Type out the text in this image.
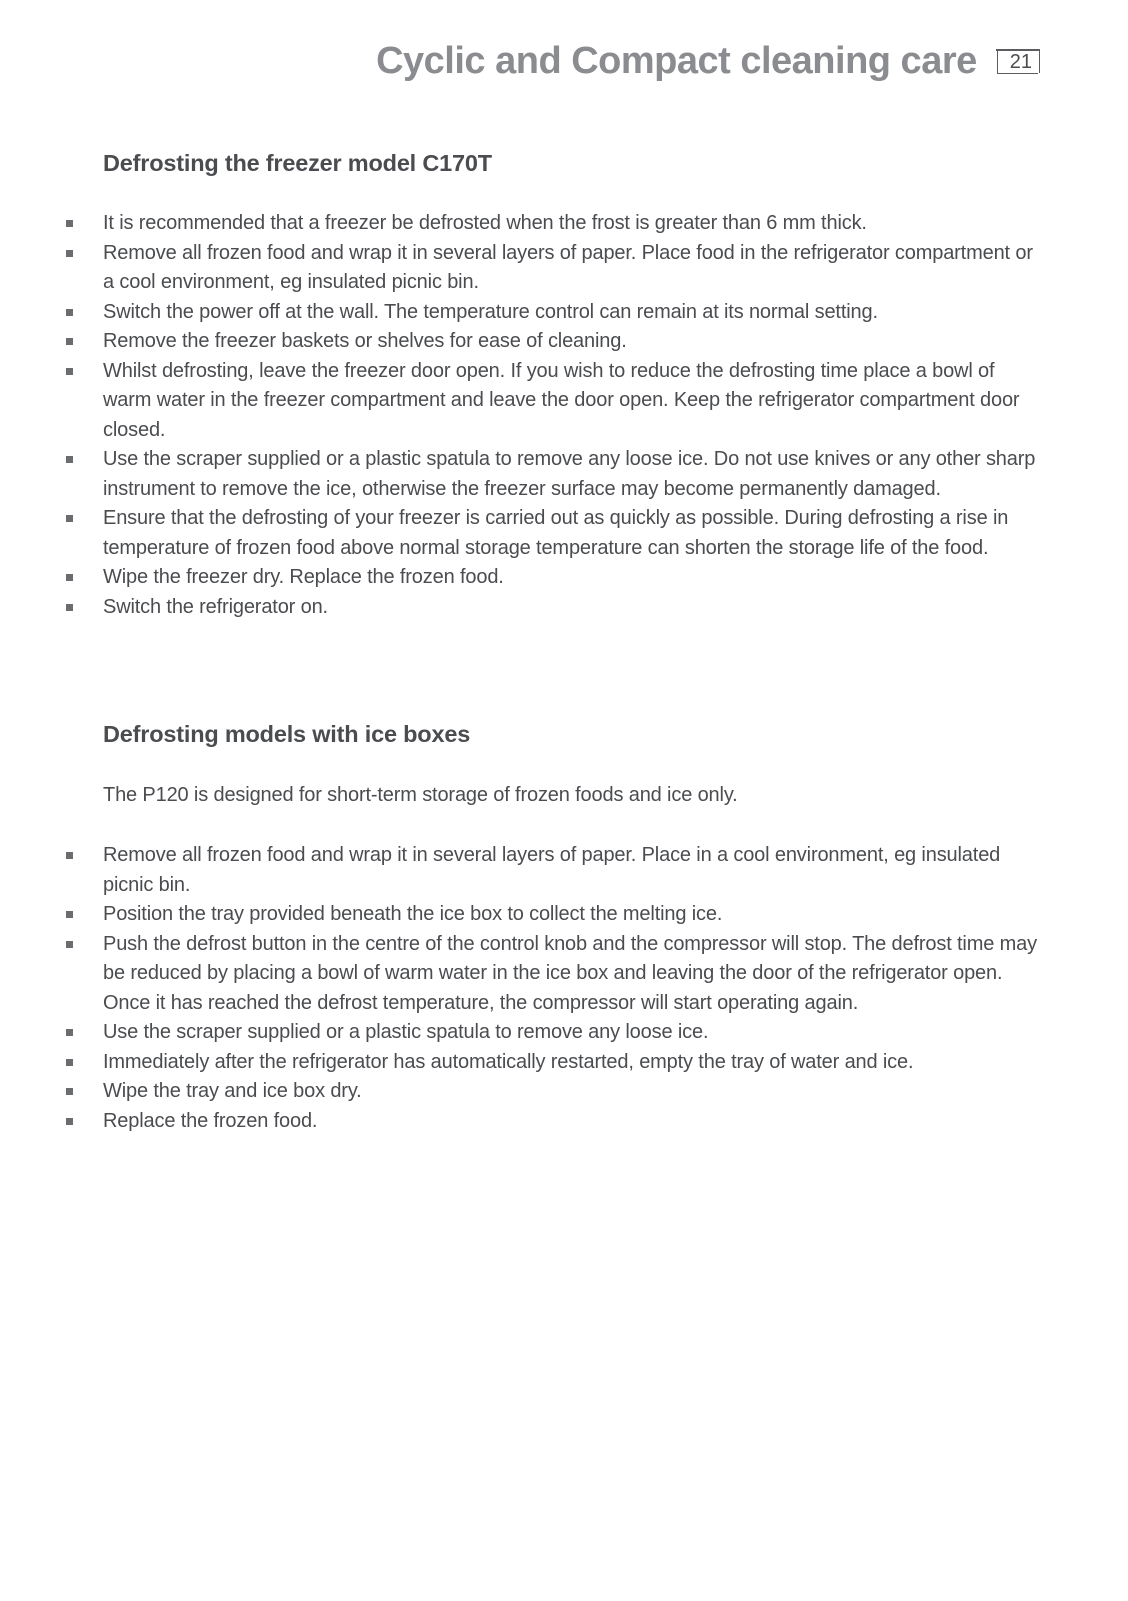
Cyclic and Compact cleaning care	21
Defrosting the freezer model C170T
It is recommended that a freezer be defrosted when the frost is greater than 6 mm thick.
Remove all frozen food and wrap it in several layers of paper. Place food in the refrigerator compartment or a cool environment, eg insulated picnic bin.
Switch the power off at the wall. The temperature control can remain at its normal setting.
Remove the freezer baskets or shelves for ease of cleaning.
Whilst defrosting, leave the freezer door open. If you wish to reduce the defrosting time place a bowl of warm water in the freezer compartment and leave the door open. Keep the refrigerator compartment door closed.
Use the scraper supplied or a plastic spatula to remove any loose ice. Do not use knives or any other sharp instrument to remove the ice, otherwise the freezer surface may become permanently damaged.
Ensure that the defrosting of your freezer is carried out as quickly as possible. During defrosting a rise in temperature of frozen food above normal storage temperature can shorten the storage life of the food.
Wipe the freezer dry. Replace the frozen food.
Switch the refrigerator on.
Defrosting models with ice boxes
The P120 is designed for short-term storage of frozen foods and ice only.
Remove all frozen food and wrap it in several layers of paper. Place in a cool environment, eg insulated picnic bin.
Position the tray provided beneath the ice box to collect the melting ice.
Push the defrost button in the centre of the control knob and the compressor will stop. The defrost time may be reduced by placing a bowl of warm water in the ice box and leaving the door of the refrigerator open. Once it has reached the defrost temperature, the compressor will start operating again.
Use the scraper supplied or a plastic spatula to remove any loose ice.
Immediately after the refrigerator has automatically restarted, empty the tray of water and ice.
Wipe the tray and ice box dry.
Replace the frozen food.
